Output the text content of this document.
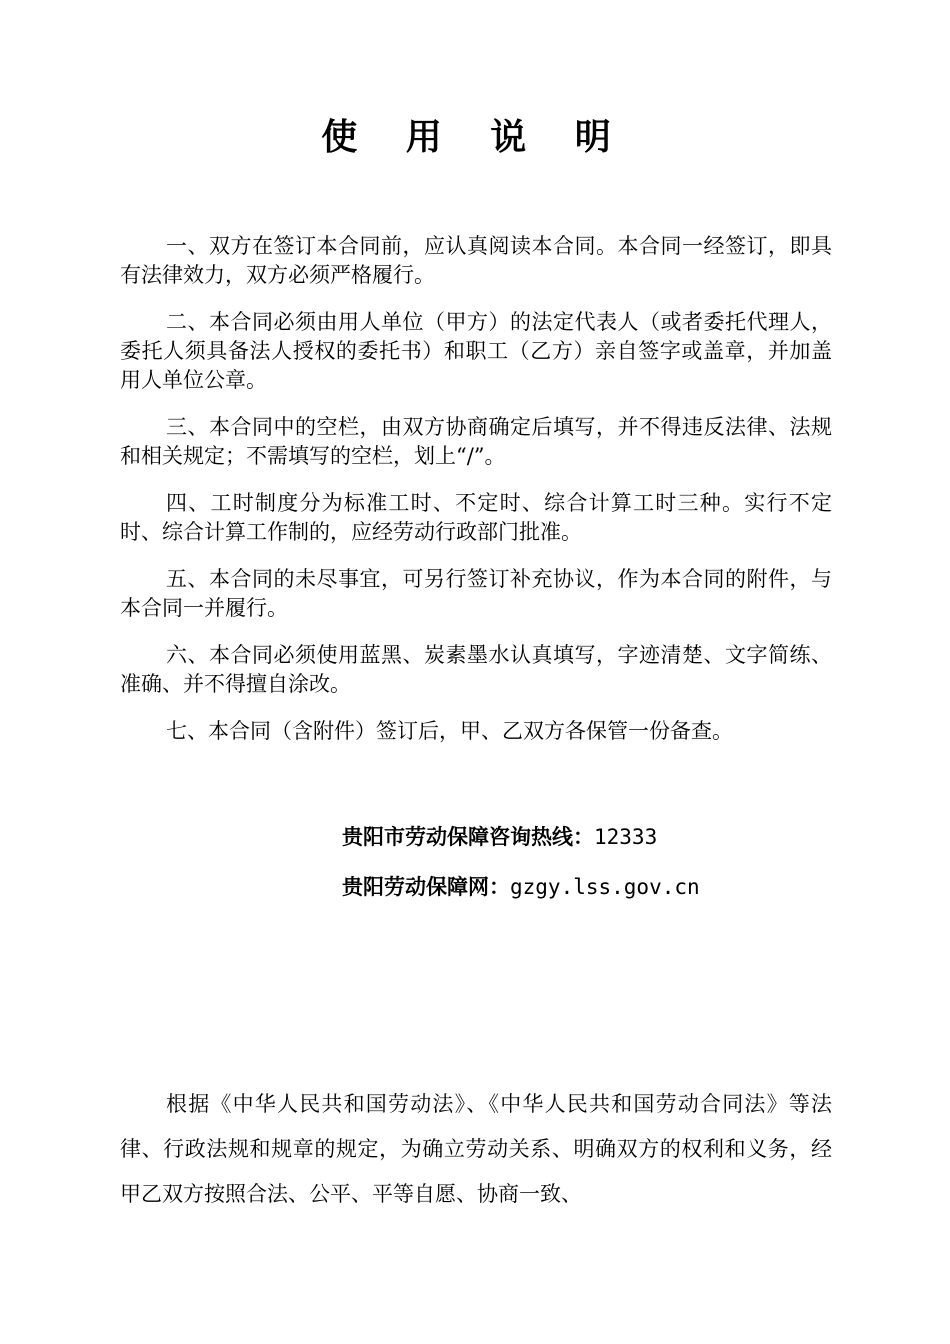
使 用 说 明

一、双方在签订本合同前，应认真阅读本合同。本合同一经签订，即具有法律效力，双方必须严格履行。

二、本合同必须由用人单位（甲方）的法定代表人（或者委托代理人，委托人须具备法人授权的委托书）和职工（乙方）亲自签字或盖章，并加盖用人单位公章。

三、本合同中的空栏，由双方协商确定后填写，并不得违反法律、法规和相关规定；不需填写的空栏，划上“/”。

四、工时制度分为标准工时、不定时、综合计算工时三种。实行不定时、综合计算工作制的，应经劳动行政部门批准。

五、本合同的未尽事宜，可另行签订补充协议，作为本合同的附件，与本合同一并履行。

六、本合同必须使用蓝黑、炭素墨水认真填写，字迹清楚、文字简练、准确、并不得擅自涂改。

七、本合同（含附件）签订后，甲、乙双方各保管一份备查。

贵阳市劳动保障咨询热线：12333
贵阳劳动保障网：gzgy.lss.gov.cn

根据《中华人民共和国劳动法》、《中华人民共和国劳动合同法》等法律、行政法规和规章的规定，为确立劳动关系、明确双方的权利和义务，经甲乙双方按照合法、公平、平等自愿、协商一致、
